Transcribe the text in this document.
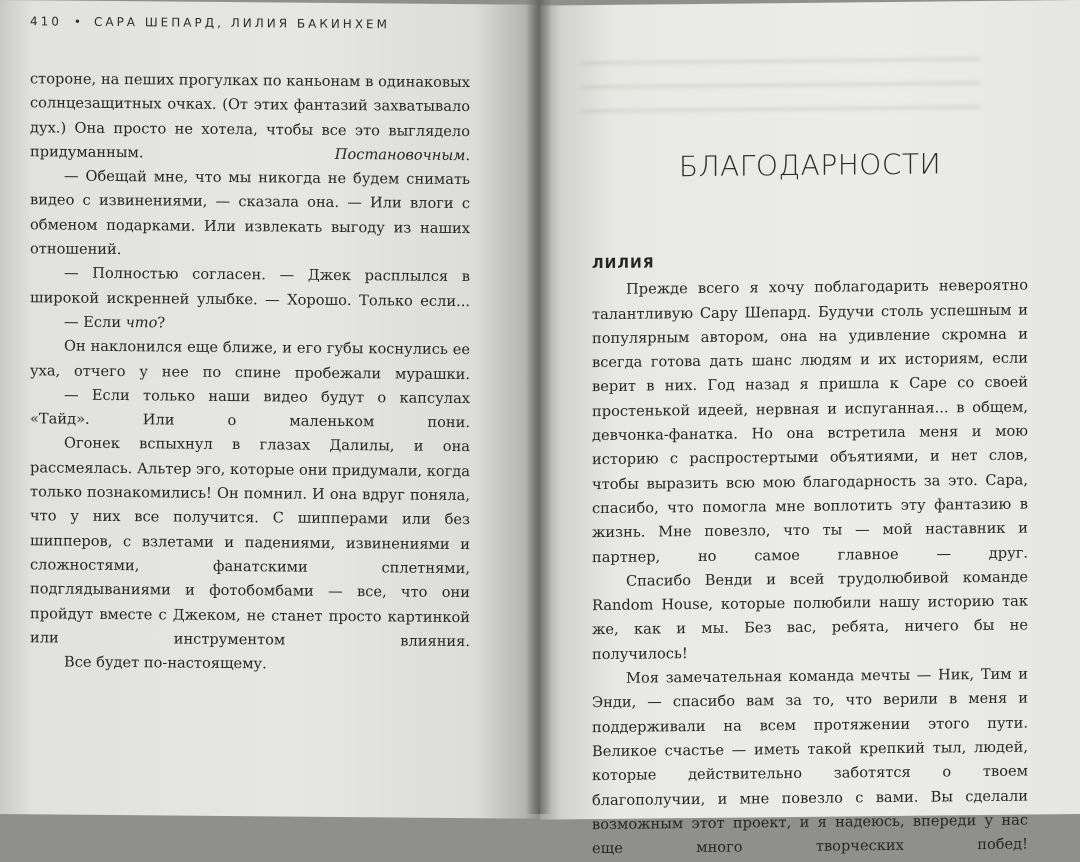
410 • САРА ШЕПАРД, ЛИЛИЯ БАКИНХЕМ

стороне, на пеших прогулках по каньонам в одинаковых солнцезащитных очках. (От этих фантазий захватывало дух.) Она просто не хотела, чтобы все это выглядело придуманным. Постановочным.

— Обещай мне, что мы никогда не будем снимать видео с извинениями, — сказала она. — Или влоги с обменом подарками. Или извлекать выгоду из наших отношений.

— Полностью согласен. — Джек расплылся в широкой искренней улыбке. — Хорошо. Только если...

— Если что?

Он наклонился еще ближе, и его губы коснулись ее уха, отчего у нее по спине пробежали мурашки.

— Если только наши видео будут о капсулах «Тайд». Или о маленьком пони.

Огонек вспыхнул в глазах Далилы, и она рассмеялась. Альтер эго, которые они придумали, когда только познакомились! Он помнил. И она вдруг поняла, что у них все получится. С шипперами или без шипперов, с взлетами и падениями, извинениями и сложностями, фанатскими сплетнями, подглядываниями и фотобомбами — все, что они пройдут вместе с Джеком, не станет просто картинкой или инструментом влияния.

Все будет по-настоящему.

БЛАГОДАРНОСТИ

ЛИЛИЯ

Прежде всего я хочу поблагодарить невероятно талантливую Сару Шепард. Будучи столь успешным и популярным автором, она на удивление скромна и всегда готова дать шанс людям и их историям, если верит в них. Год назад я пришла к Саре со своей простенькой идеей, нервная и испуганная... в общем, девчонка-фанатка. Но она встретила меня и мою историю с распростертыми объятиями, и нет слов, чтобы выразить всю мою благодарность за это. Сара, спасибо, что помогла мне воплотить эту фантазию в жизнь. Мне повезло, что ты — мой наставник и партнер, но самое главное — друг.

Спасибо Венди и всей трудолюбивой команде Random House, которые полюбили нашу историю так же, как и мы. Без вас, ребята, ничего бы не получилось!

Моя замечательная команда мечты — Ник, Тим и Энди, — спасибо вам за то, что верили в меня и поддерживали на всем протяжении этого пути. Великое счастье — иметь такой крепкий тыл, людей, которые действительно заботятся о твоем благополучии, и мне повезло с вами. Вы сделали возможным этот проект, и я надеюсь, впереди у нас еще много творческих побед!
